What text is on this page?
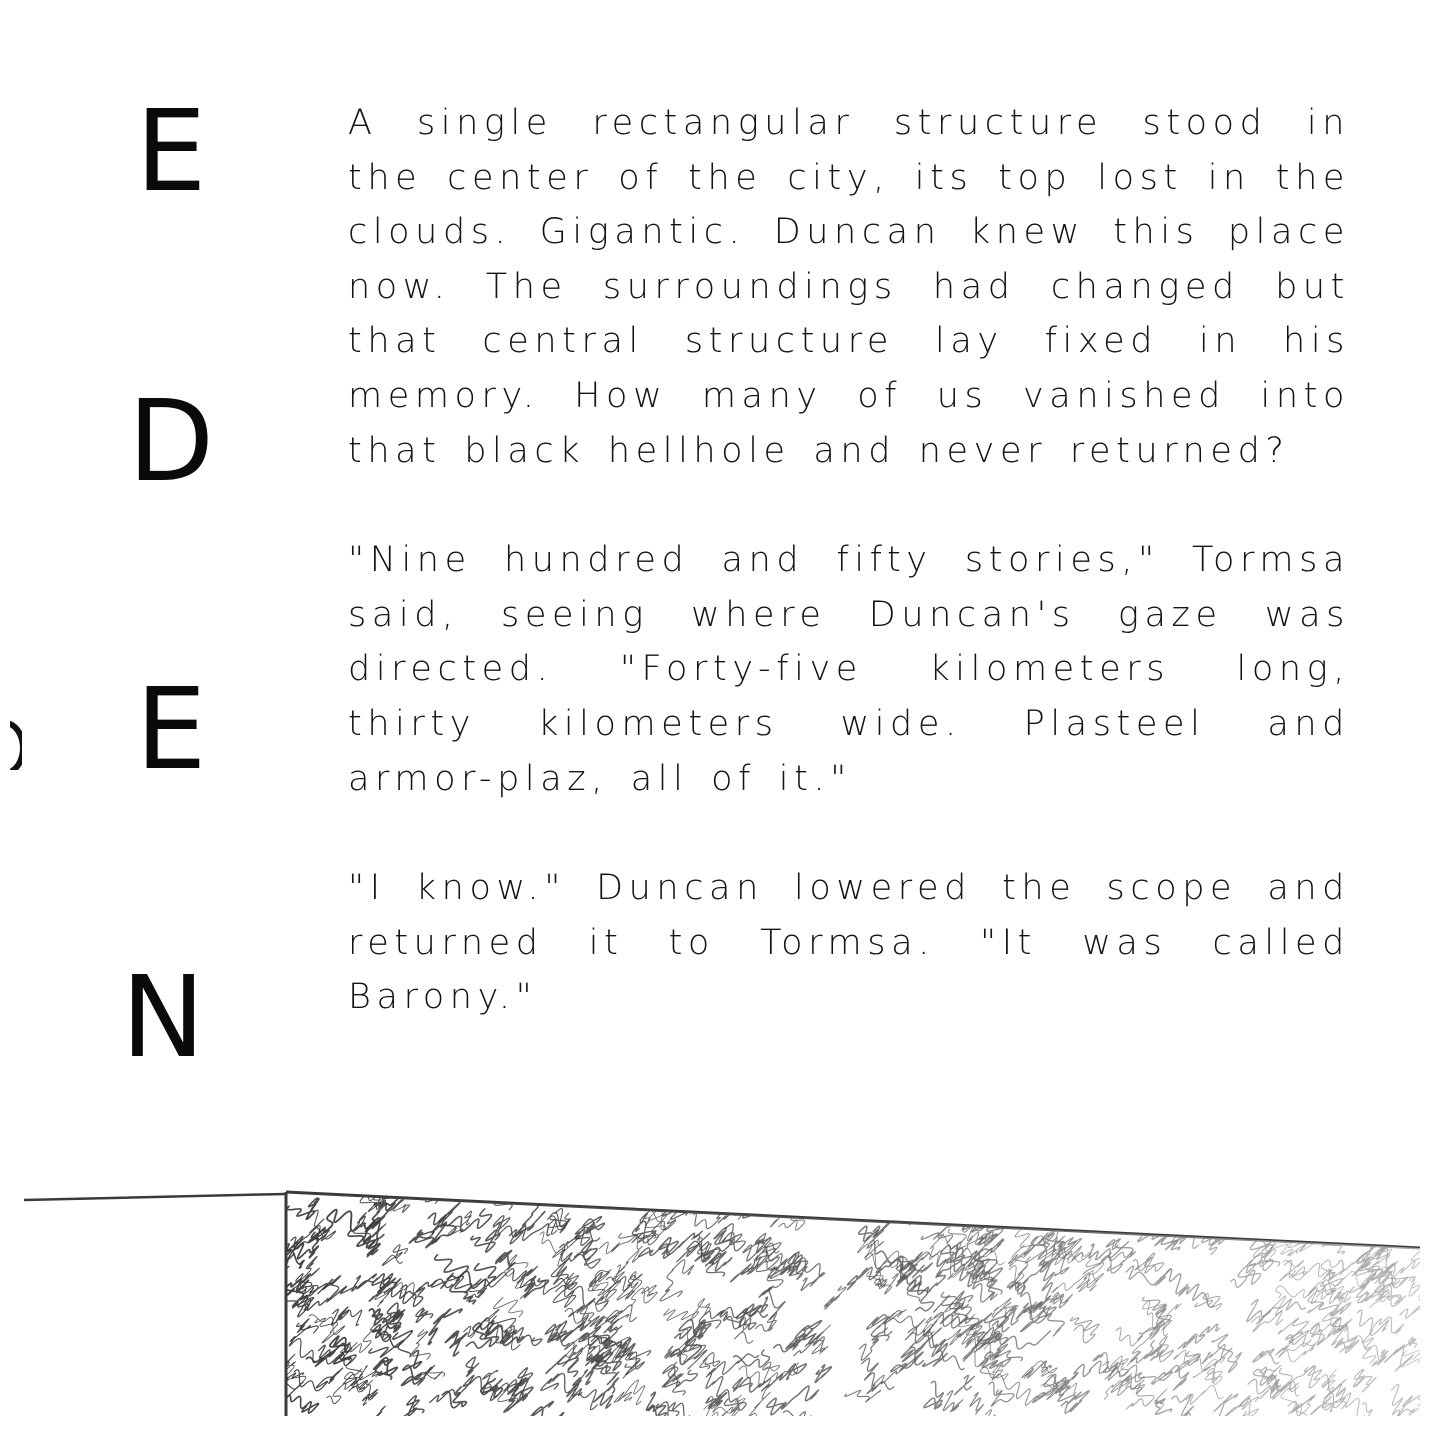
E
D
E
N

A single rectangular structure stood in the center of the city, its top lost in the clouds. Gigantic. Duncan knew this place now. The surroundings had changed but that central structure lay fixed in his memory. How many of us vanished into that black hellhole and never returned?

"Nine hundred and fifty stories," Tormsa said, seeing where Duncan's gaze was directed. "Forty-five kilometers long, thirty kilometers wide. Plasteel and armor-plaz, all of it."

"I know." Duncan lowered the scope and returned it to Tormsa. "It was called Barony."
